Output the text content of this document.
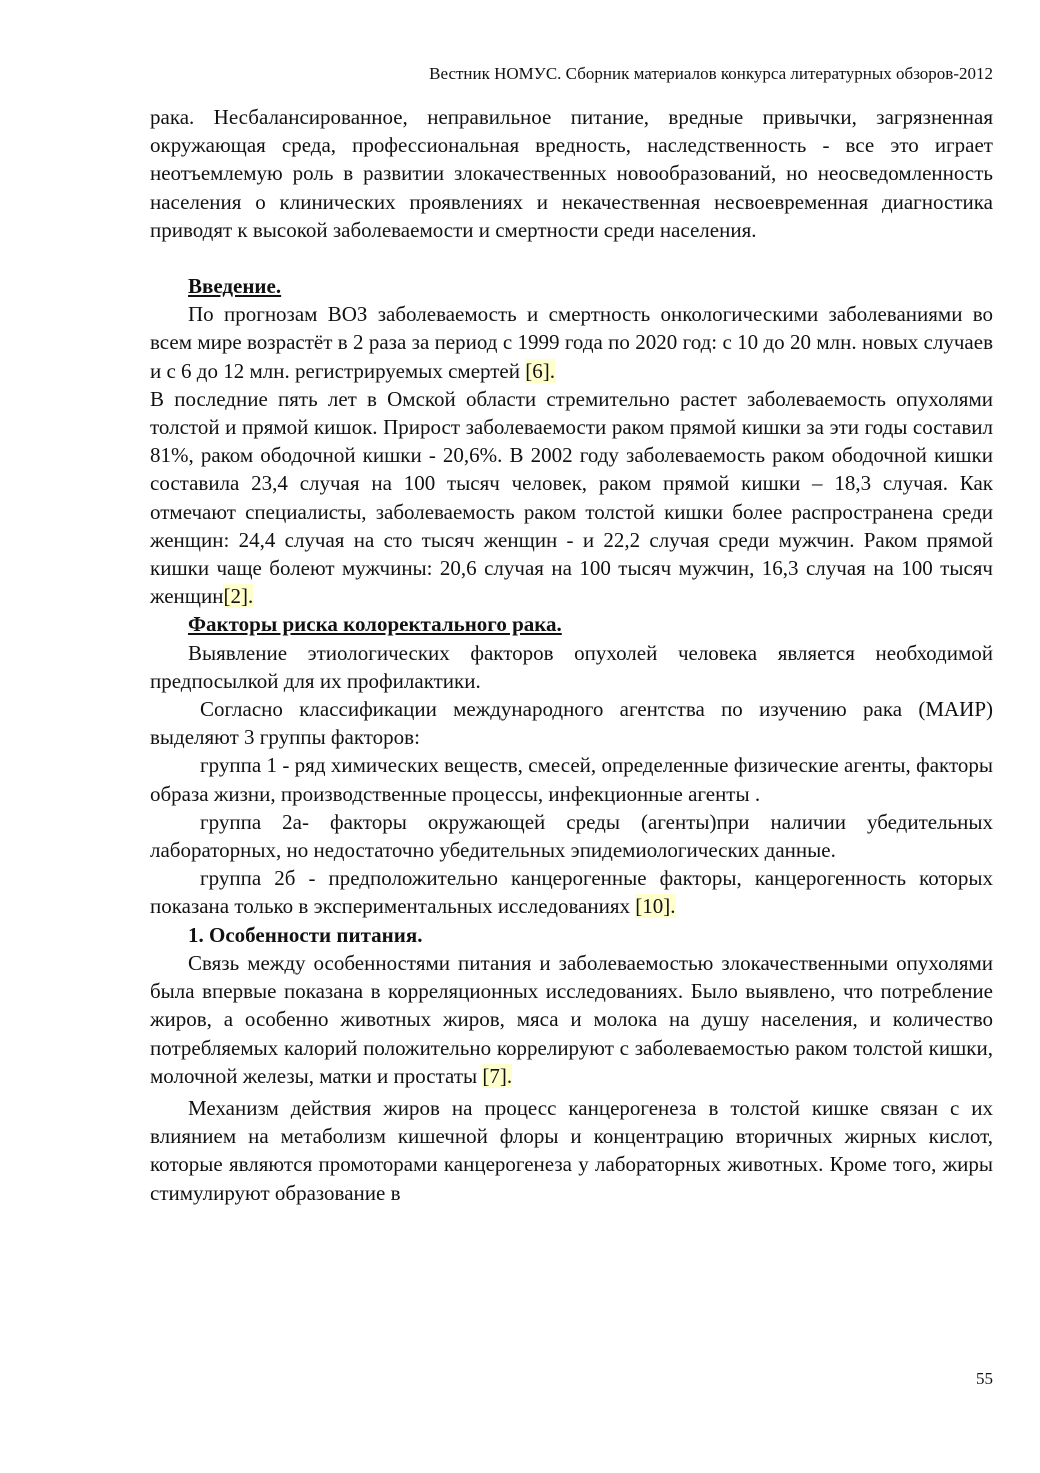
Вестник НОМУС. Сборник материалов конкурса литературных обзоров-2012

рака. Несбалансированное, неправильное питание, вредные привычки, загрязненная окружающая среда, профессиональная вредность, наследственность - все это играет неотъемлемую роль в развитии злокачественных новообразований, но неосведомленность населения о клинических проявлениях и некачественная несвоевременная диагностика приводят к высокой заболеваемости и смертности среди населения.

Введение.

По прогнозам ВОЗ заболеваемость и смертность онкологическими заболеваниями во всем мире возрастёт в 2 раза за период с 1999 года по 2020 год: с 10 до 20 млн. новых случаев и с 6 до 12 млн. регистрируемых смертей [6].

В последние пять лет в Омской области стремительно растет заболеваемость опухолями толстой и прямой кишок. Прирост заболеваемости раком прямой кишки за эти годы составил 81%, раком ободочной кишки - 20,6%. В 2002 году заболеваемость раком ободочной кишки составила 23,4 случая на 100 тысяч человек, раком прямой кишки – 18,3 случая. Как отмечают специалисты, заболеваемость раком толстой кишки более распространена среди женщин: 24,4 случая на сто тысяч женщин - и 22,2 случая среди мужчин. Раком прямой кишки чаще болеют мужчины: 20,6 случая на 100 тысяч мужчин, 16,3 случая на 100 тысяч женщин[2].

Факторы риска колоректального рака.

Выявление этиологических факторов опухолей человека является необходимой предпосылкой для их профилактики.

Согласно классификации международного агентства по изучению рака (МАИР) выделяют 3 группы факторов:

группа 1 - ряд химических веществ, смесей, определенные физические агенты, факторы образа жизни, производственные процессы, инфекционные агенты .

группа 2а- факторы окружающей среды (агенты)при наличии убедительных лабораторных, но недостаточно убедительных эпидемиологических данные.

группа 2б - предположительно канцерогенные факторы, канцерогенность которых показана только в экспериментальных исследованиях [10].

1. Особенности питания.

Связь между особенностями питания и заболеваемостью злокачественными опухолями была впервые показана в корреляционных исследованиях. Было выявлено, что потребление жиров, а особенно животных жиров, мяса и молока на душу населения, и количество потребляемых калорий положительно коррелируют с заболеваемостью раком толстой кишки, молочной железы, матки и простаты [7].

Механизм действия жиров на процесс канцерогенеза в толстой кишке связан с их влиянием на метаболизм кишечной флоры и концентрацию вторичных жирных кислот, которые являются промоторами канцерогенеза у лабораторных животных. Кроме того, жиры стимулируют образование в

55
